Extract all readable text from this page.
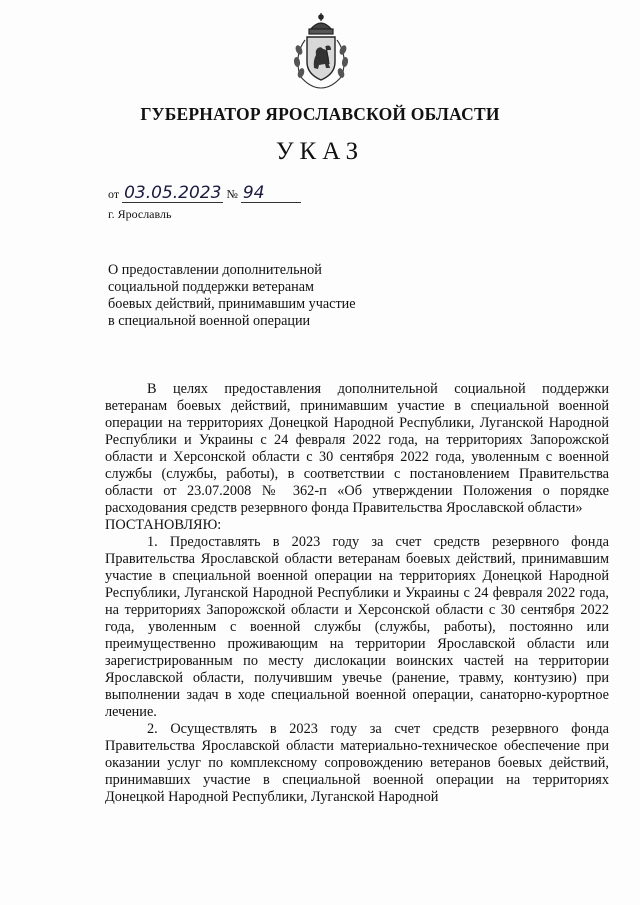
ГУБЕРНАТОР ЯРОСЛАВСКОЙ ОБЛАСТИ
УКАЗ
от 03.05.2023 № 94
г. Ярославль
О предоставлении дополнительной социальной поддержки ветеранам боевых действий, принимавшим участие в специальной военной операции

В целях предоставления дополнительной социальной поддержки ветеранам боевых действий, принимавшим участие в специальной военной операции на территориях Донецкой Народной Республики, Луганской Народной Республики и Украины с 24 февраля 2022 года, на территориях Запорожской области и Херсонской области с 30 сентября 2022 года, уволенным с военной службы (службы, работы), в соответствии с постановлением Правительства области от 23.07.2008 № 362-п «Об утверждении Положения о порядке расходования средств резервного фонда Правительства Ярославской области»

ПОСТАНОВЛЯЮ:

1. Предоставлять в 2023 году за счет средств резервного фонда Правительства Ярославской области ветеранам боевых действий, принимавшим участие в специальной военной операции на территориях Донецкой Народной Республики, Луганской Народной Республики и Украины с 24 февраля 2022 года, на территориях Запорожской области и Херсонской области с 30 сентября 2022 года, уволенным с военной службы (службы, работы), постоянно или преимущественно проживающим на территории Ярославской области или зарегистрированным по месту дислокации воинских частей на территории Ярославской области, получившим увечье (ранение, травму, контузию) при выполнении задач в ходе специальной военной операции, санаторно-курортное лечение.

2. Осуществлять в 2023 году за счет средств резервного фонда Правительства Ярославской области материально-техническое обеспечение при оказании услуг по комплексному сопровождению ветеранов боевых действий, принимавших участие в специальной военной операции на территориях Донецкой Народной Республики, Луганской Народной
